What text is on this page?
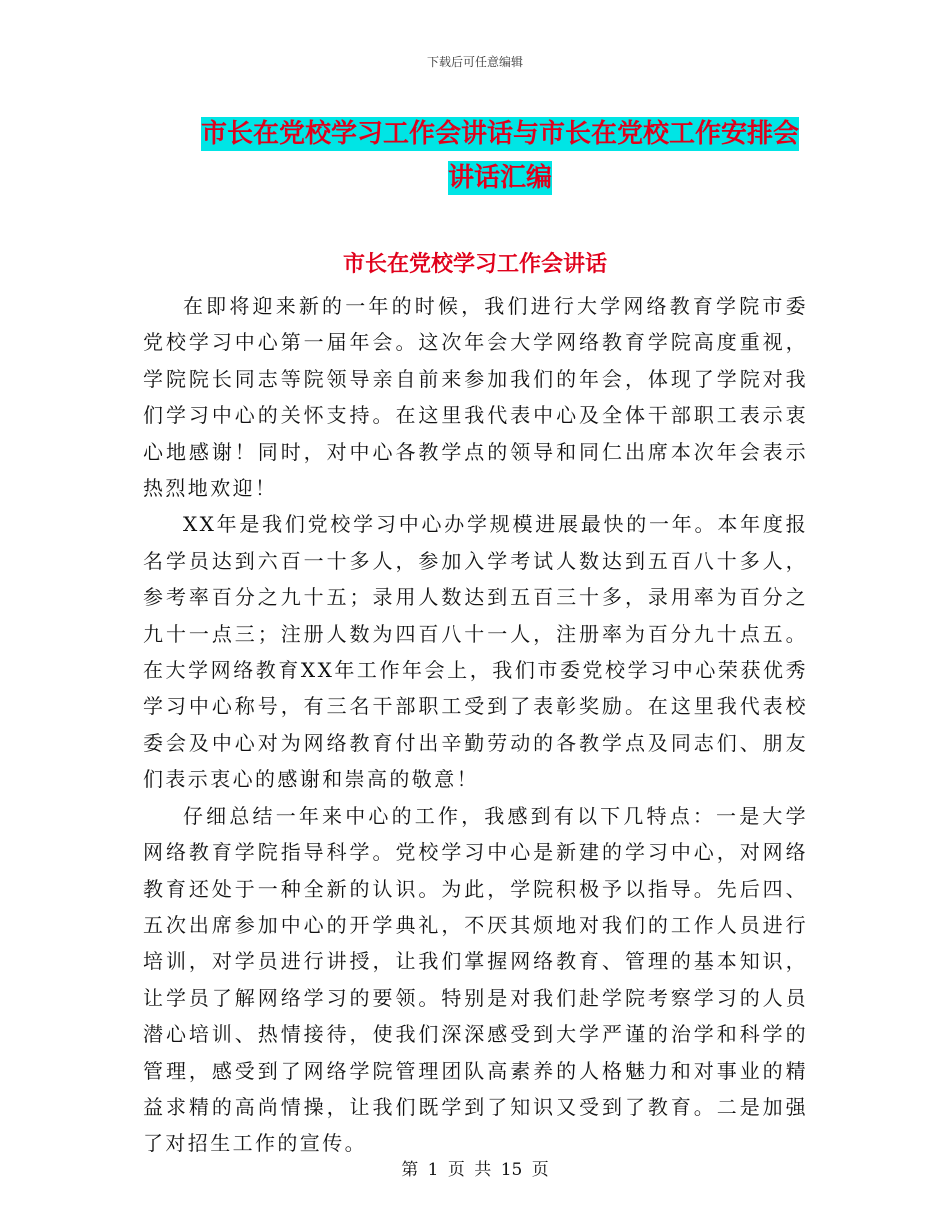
下载后可任意编辑
市长在党校学习工作会讲话与市长在党校工作安排会
讲话汇编
市长在党校学习工作会讲话

在即将迎来新的一年的时候，我们进行大学网络教育学院市委党校学习中心第一届年会。这次年会大学网络教育学院高度重视，学院院长同志等院领导亲自前来参加我们的年会，体现了学院对我们学习中心的关怀支持。在这里我代表中心及全体干部职工表示衷心地感谢！同时，对中心各教学点的领导和同仁出席本次年会表示热烈地欢迎！

XX年是我们党校学习中心办学规模进展最快的一年。本年度报名学员达到六百一十多人，参加入学考试人数达到五百八十多人，参考率百分之九十五；录用人数达到五百三十多，录用率为百分之九十一点三；注册人数为四百八十一人，注册率为百分九十点五。在大学网络教育XX年工作年会上，我们市委党校学习中心荣获优秀学习中心称号，有三名干部职工受到了表彰奖励。在这里我代表校委会及中心对为网络教育付出辛勤劳动的各教学点及同志们、朋友们表示衷心的感谢和崇高的敬意！

仔细总结一年来中心的工作，我感到有以下几特点：一是大学网络教育学院指导科学。党校学习中心是新建的学习中心，对网络教育还处于一种全新的认识。为此，学院积极予以指导。先后四、五次出席参加中心的开学典礼，不厌其烦地对我们的工作人员进行培训，对学员进行讲授，让我们掌握网络教育、管理的基本知识，让学员了解网络学习的要领。特别是对我们赴学院考察学习的人员潜心培训、热情接待，使我们深深感受到大学严谨的治学和科学的管理，感受到了网络学院管理团队高素养的人格魅力和对事业的精益求精的高尚情操，让我们既学到了知识又受到了教育。二是加强了对招生工作的宣传。

第 1 页 共 15 页
